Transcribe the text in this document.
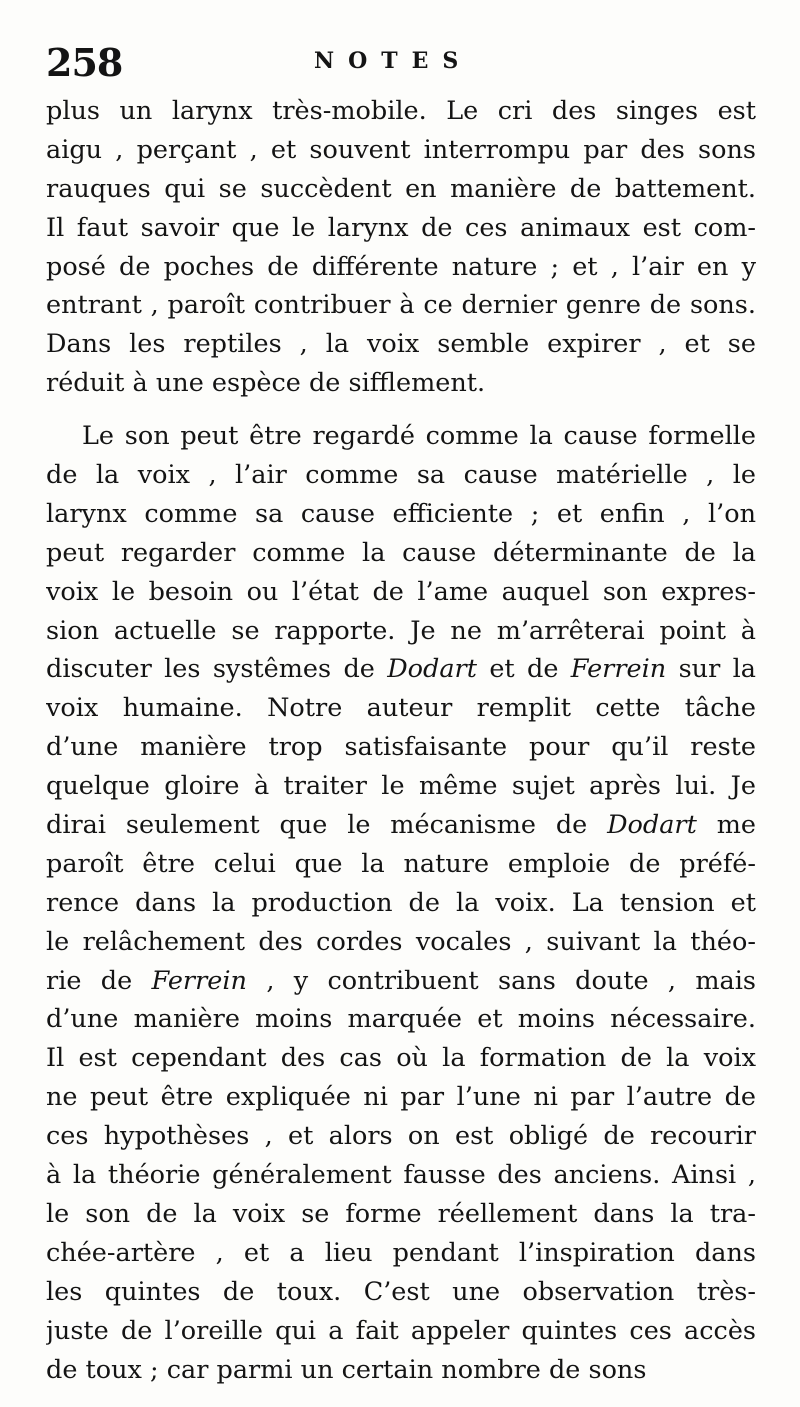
258	NOTES
plus un larynx très-mobile. Le cri des singes est
aigu , perçant , et souvent interrompu par des sons
rauques qui se succèdent en manière de battement.
Il faut savoir que le larynx de ces animaux est com-
posé de poches de différente nature ; et , l’air en y
entrant , paroît contribuer à ce dernier genre de sons.
Dans les reptiles , la voix semble expirer , et se
réduit à une espèce de sifflement.
Le son peut être regardé comme la cause formelle
de la voix , l’air comme sa cause matérielle , le
larynx comme sa cause efficiente ; et enfin , l’on
peut regarder comme la cause déterminante de la
voix le besoin ou l’état de l’ame auquel son expres-
sion actuelle se rapporte. Je ne m’arrêterai point à
discuter les systêmes de Dodart et de Ferrein sur la
voix humaine. Notre auteur remplit cette tâche
d’une manière trop satisfaisante pour qu’il reste
quelque gloire à traiter le même sujet après lui. Je
dirai seulement que le mécanisme de Dodart me
paroît être celui que la nature emploie de préfé-
rence dans la production de la voix. La tension et
le relâchement des cordes vocales , suivant la théo-
rie de Ferrein , y contribuent sans doute , mais
d’une manière moins marquée et moins nécessaire.
Il est cependant des cas où la formation de la voix
ne peut être expliquée ni par l’une ni par l’autre de
ces hypothèses , et alors on est obligé de recourir
à la théorie généralement fausse des anciens. Ainsi ,
le son de la voix se forme réellement dans la tra-
chée-artère , et a lieu pendant l’inspiration dans
les quintes de toux. C’est une observation très-
juste de l’oreille qui a fait appeler quintes ces accès
de toux ; car parmi un certain nombre de sons
